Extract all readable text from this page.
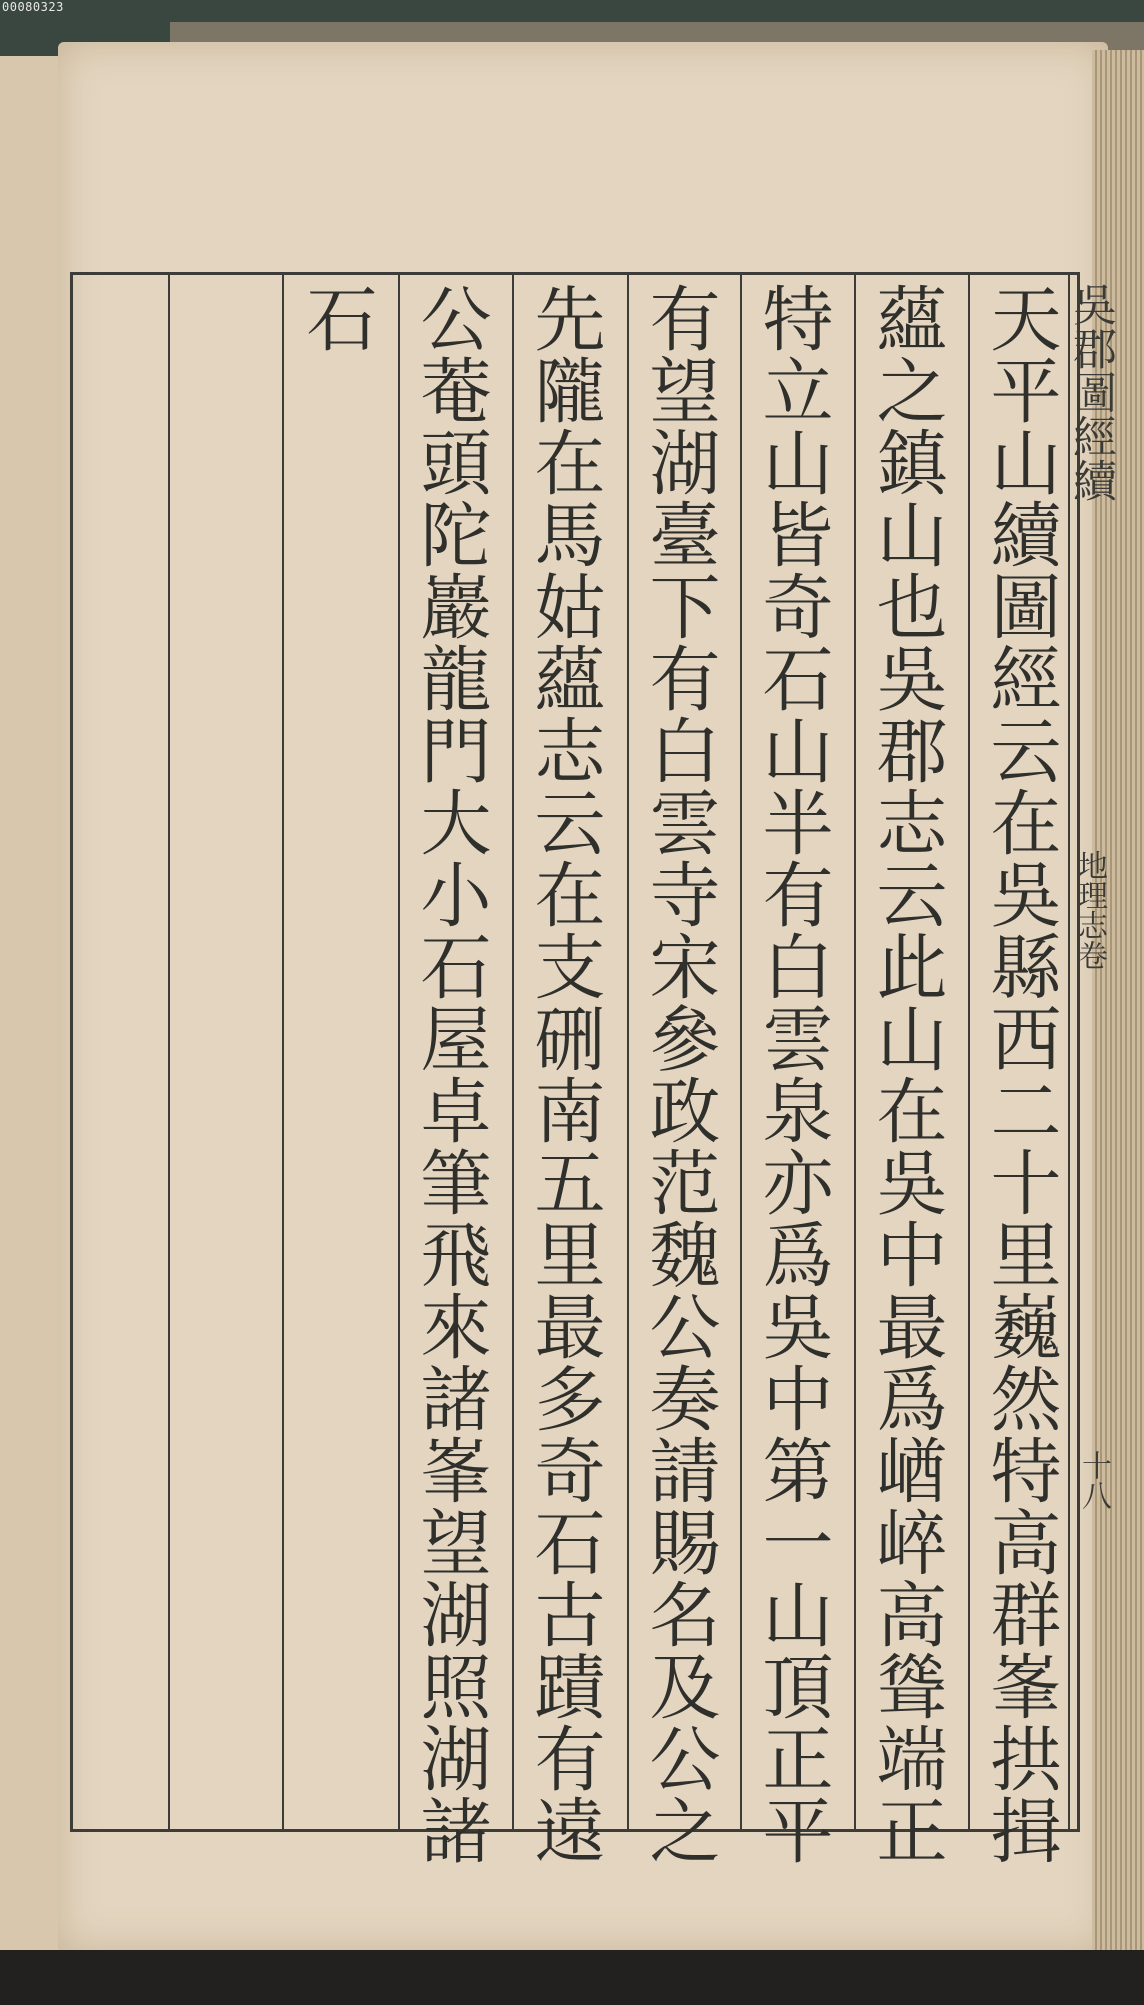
00080323
天平山續圖經云在吳縣西二十里巍然特高群峯拱揖
蘊之鎮山也吳郡志云此山在吳中最爲崷崪高聳端正
特立山皆奇石山半有白雲泉亦爲吳中第一山頂正平
有望湖臺下有白雲寺宋參政范魏公奏請賜名及公之
先隴在馬姑蘊志云在支硎南五里最多奇石古蹟有遠
公菴頭陀巖龍門大小石屋卓筆飛來諸峯望湖照湖諸
石	吳郡圖經續
地理志卷
十八
